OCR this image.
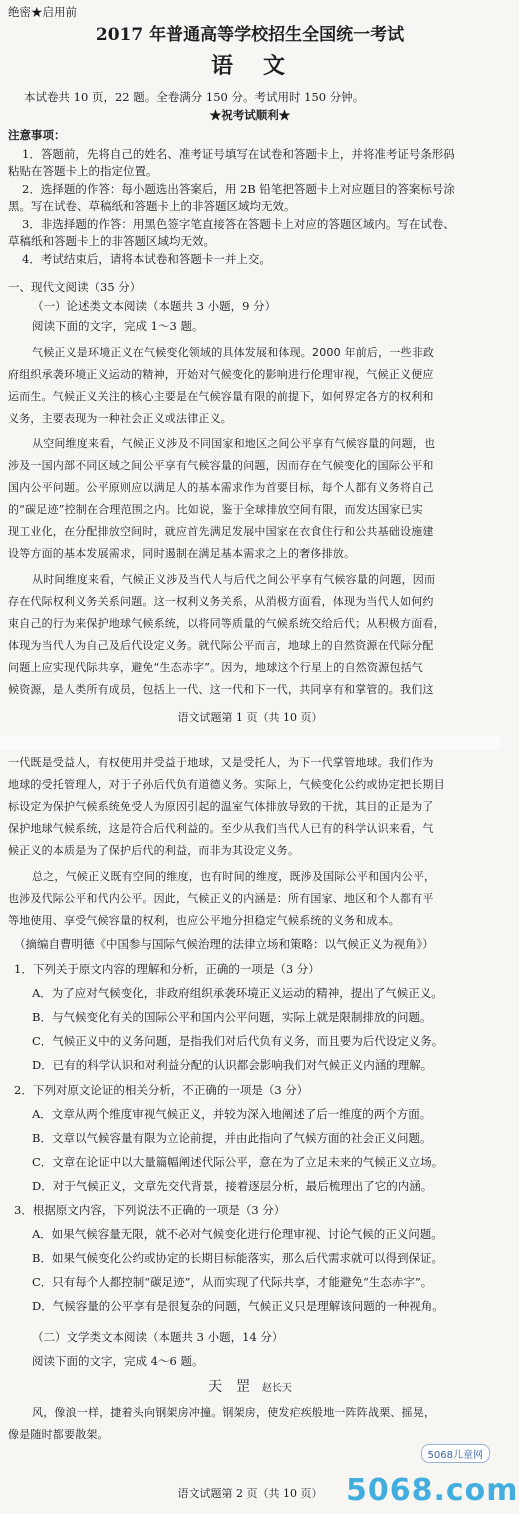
绝密★启用前
2017 年普通高等学校招生全国统一考试
语　文
本试卷共 10 页，22 题。全卷满分 150 分。考试用时 150 分钟。
★祝考试顺利★
注意事项：
1．答题前，先将自己的姓名、准考证号填写在试卷和答题卡上，并将准考证号条形码
粘贴在答题卡上的指定位置。
2．选择题的作答：每小题选出答案后，用 2B 铅笔把答题卡上对应题目的答案标号涂
黑。写在试卷、草稿纸和答题卡上的非答题区域均无效。
3．非选择题的作答：用黑色签字笔直接答在答题卡上对应的答题区域内。写在试卷、
草稿纸和答题卡上的非答题区域均无效。
4．考试结束后，请将本试卷和答题卡一并上交。
一、现代文阅读（35 分）
（一）论述类文本阅读（本题共 3 小题，9 分）
阅读下面的文字，完成 1～3 题。
气候正义是环境正义在气候变化领域的具体发展和体现。2000 年前后，一些非政
府组织承袭环境正义运动的精神，开始对气候变化的影响进行伦理审视，气候正义便应
运而生。气候正义关注的核心主要是在气候容量有限的前提下，如何界定各方的权利和
义务，主要表现为一种社会正义或法律正义。
从空间维度来看，气候正义涉及不同国家和地区之间公平享有气候容量的问题，也
涉及一国内部不同区域之间公平享有气候容量的问题，因而存在气候变化的国际公平和
国内公平问题。公平原则应以满足人的基本需求作为首要目标，每个人都有义务将自己
的“碳足迹”控制在合理范围之内。比如说，鉴于全球排放空间有限，而发达国家已实
现工业化，在分配排放空间时，就应首先满足发展中国家在衣食住行和公共基础设施建
设等方面的基本发展需求，同时遏制在满足基本需求之上的奢侈排放。
从时间维度来看，气候正义涉及当代人与后代之间公平享有气候容量的问题，因而
存在代际权利义务关系问题。这一权利义务关系，从消极方面看，体现为当代人如何约
束自己的行为来保护地球气候系统，以将同等质量的气候系统交给后代；从积极方面看，
体现为当代人为自己及后代设定义务。就代际公平而言，地球上的自然资源在代际分配
问题上应实现代际共享，避免“生态赤字”。因为，地球这个行星上的自然资源包括气
候资源，是人类所有成员，包括上一代、这一代和下一代，共同享有和掌管的。我们这
语文试题第 1 页（共 10 页）
一代既是受益人，有权使用并受益于地球，又是受托人，为下一代掌管地球。我们作为
地球的受托管理人，对于子孙后代负有道德义务。实际上，气候变化公约或协定把长期目
标设定为保护气候系统免受人为原因引起的温室气体排放导致的干扰，其目的正是为了
保护地球气候系统，这是符合后代利益的。至少从我们当代人已有的科学认识来看，气
候正义的本质是为了保护后代的利益，而非为其设定义务。
总之，气候正义既有空间的维度，也有时间的维度，既涉及国际公平和国内公平，
也涉及代际公平和代内公平。因此，气候正义的内涵是：所有国家、地区和个人都有平
等地使用、享受气候容量的权利，也应公平地分担稳定气候系统的义务和成本。
（摘编自曹明德《中国参与国际气候治理的法律立场和策略：以气候正义为视角》）
1．下列关于原文内容的理解和分析，正确的一项是（3 分）
A．为了应对气候变化，非政府组织承袭环境正义运动的精神，提出了气候正义。
B．与气候变化有关的国际公平和国内公平问题，实际上就是限制排放的问题。
C．气候正义中的义务问题，是指我们对后代负有义务，而且要为后代设定义务。
D．已有的科学认识和对利益分配的认识都会影响我们对气候正义内涵的理解。
2．下列对原文论证的相关分析，不正确的一项是（3 分）
A．文章从两个维度审视气候正义，并较为深入地阐述了后一维度的两个方面。
B．文章以气候容量有限为立论前提，并由此指向了气候方面的社会正义问题。
C．文章在论证中以大量篇幅阐述代际公平，意在为了立足未来的气候正义立场。
D．对于气候正义，文章先交代背景，接着逐层分析，最后梳理出了它的内涵。
3．根据原文内容，下列说法不正确的一项是（3 分）
A．如果气候容量无限，就不必对气候变化进行伦理审视、讨论气候的正义问题。
B．如果气候变化公约或协定的长期目标能落实，那么后代需求就可以得到保证。
C．只有每个人都控制“碳足迹”，从而实现了代际共享，才能避免“生态赤字”。
D．气候容量的公平享有是很复杂的问题，气候正义只是理解该问题的一种视角。
（二）文学类文本阅读（本题共 3 小题，14 分）
阅读下面的文字，完成 4～6 题。
天　罡 赵长天
风，像浪一样，捷着头向钢架房冲撞。钢架房，使发疟疾般地一阵阵战栗、摇晃，
像是随时都要散架。
语文试题第 2 页（共 10 页）
5068儿童网
5068.com
